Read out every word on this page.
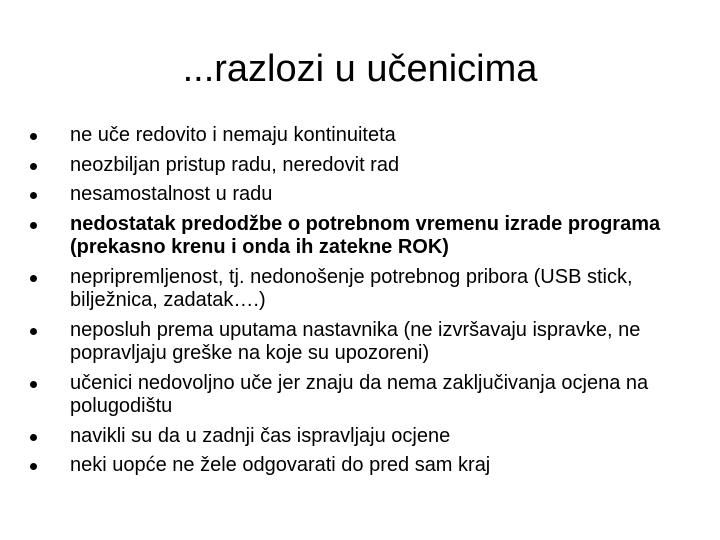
...razlozi u učenicima
ne uče redovito i nemaju kontinuiteta
neozbiljan pristup radu, neredovit rad
nesamostalnost u radu
nedostatak predodžbe o potrebnom vremenu izrade programa (prekasno krenu i onda ih zatekne ROK)
nepripremljenost, tj. nedonošenje potrebnog pribora (USB stick, bilježnica, zadatak….)
neposluh prema uputama nastavnika (ne izvršavaju ispravke, ne popravljaju greške na koje su upozoreni)
učenici nedovoljno uče jer znaju da nema zaključivanja ocjena na polugodištu
navikli su da u zadnji čas ispravljaju ocjene
neki uopće ne žele odgovarati do pred sam kraj
